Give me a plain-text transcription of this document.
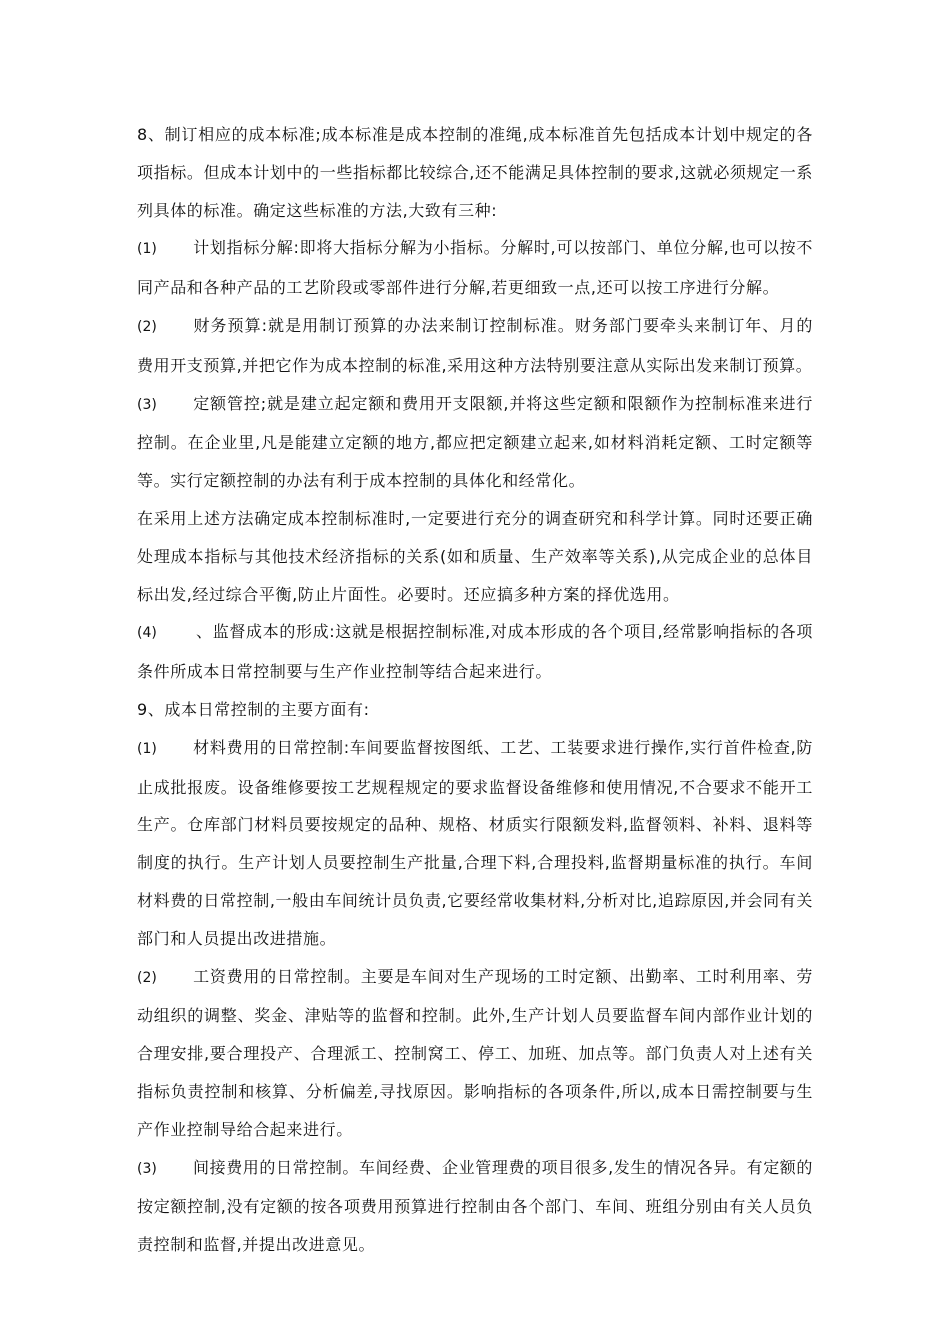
8、制订相应的成本标准;成本标准是成本控制的准绳,成本标准首先包括成本计划中规定的各项指标。但成本计划中的一些指标都比较综合,还不能满足具体控制的要求,这就必须规定一系列具体的标准。确定这些标准的方法,大致有三种:

(1) 计划指标分解:即将大指标分解为小指标。分解时,可以按部门、单位分解,也可以按不同产品和各种产品的工艺阶段或零部件进行分解,若更细致一点,还可以按工序进行分解。

(2) 财务预算:就是用制订预算的办法来制订控制标准。财务部门要牵头来制订年、月的费用开支预算,并把它作为成本控制的标准,采用这种方法特别要注意从实际出发来制订预算。

(3) 定额管控;就是建立起定额和费用开支限额,并将这些定额和限额作为控制标准来进行控制。在企业里,凡是能建立定额的地方,都应把定额建立起来,如材料消耗定额、工时定额等等。实行定额控制的办法有利于成本控制的具体化和经常化。

在采用上述方法确定成本控制标准时,一定要进行充分的调查研究和科学计算。同时还要正确处理成本指标与其他技术经济指标的关系(如和质量、生产效率等关系),从完成企业的总体目标出发,经过综合平衡,防止片面性。必要时。还应搞多种方案的择优选用。

(4) 、监督成本的形成:这就是根据控制标准,对成本形成的各个项目,经常影响指标的各项条件所成本日常控制要与生产作业控制等结合起来进行。

9、成本日常控制的主要方面有:

(1) 材料费用的日常控制:车间要监督按图纸、工艺、工装要求进行操作,实行首件检查,防止成批报废。设备维修要按工艺规程规定的要求监督设备维修和使用情况,不合要求不能开工生产。仓库部门材料员要按规定的品种、规格、材质实行限额发料,监督领料、补料、退料等制度的执行。生产计划人员要控制生产批量,合理下料,合理投料,监督期量标准的执行。车间材料费的日常控制,一般由车间统计员负责,它要经常收集材料,分析对比,追踪原因,并会同有关部门和人员提出改进措施。

(2) 工资费用的日常控制。主要是车间对生产现场的工时定额、出勤率、工时利用率、劳动组织的调整、奖金、津贴等的监督和控制。此外,生产计划人员要监督车间内部作业计划的合理安排,要合理投产、合理派工、控制窝工、停工、加班、加点等。部门负责人对上述有关指标负责控制和核算、分析偏差,寻找原因。影响指标的各项条件,所以,成本日需控制要与生产作业控制导给合起来进行。

(3) 间接费用的日常控制。车间经费、企业管理费的项目很多,发生的情况各异。有定额的按定额控制,没有定额的按各项费用预算进行控制由各个部门、车间、班组分别由有关人员负责控制和监督,并提出改进意见。
